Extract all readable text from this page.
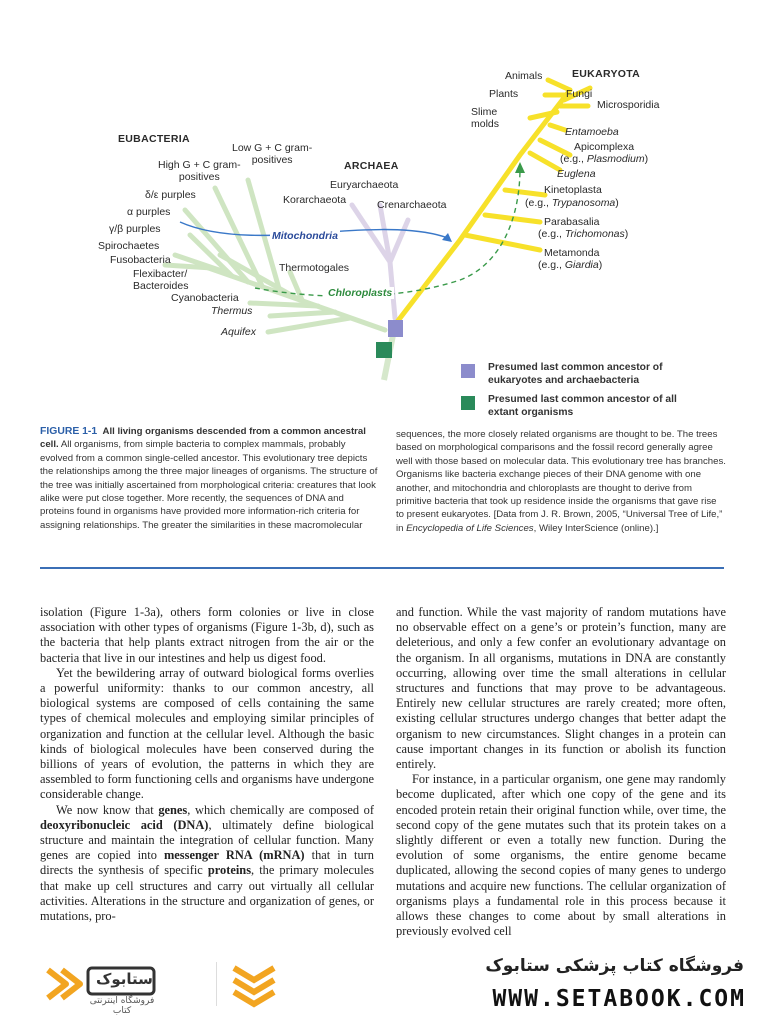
EUBACTERIA
ARCHAEA
EUKARYOTA
Low G + C gram-
positives
High G + C gram-
positives
δ/ε purples
α purples
γ/β purples
Spirochaetes
Fusobacteria
Flexibacter/
Bacteroides
Cyanobacteria
Thermus
Aquifex
Thermotogales
Euryarchaeota
Korarchaeota	Crenarchaeota
Animals
Plants	Fungi
Microsporidia
Slime
molds
Entamoeba
Apicomplexa
(e.g., Plasmodium)
Euglena
Kinetoplasta
(e.g., Trypanosoma)
Parabasalia
(e.g., Trichomonas)
Metamonda
(e.g., Giardia)
Mitochondria
Chloroplasts
Presumed last common ancestor of eukaryotes and archaebacteria
Presumed last common ancestor of all extant organisms
FIGURE 1-1 All living organisms descended from a common ancestral cell. All organisms, from simple bacteria to complex mammals, probably evolved from a common single-celled ancestor. This evolutionary tree depicts the relationships among the three major lineages of organisms. The structure of the tree was initially ascertained from morphological criteria: creatures that look alike were put close together. More recently, the sequences of DNA and proteins found in organisms have provided more information-rich criteria for assigning relationships. The greater the similarities in these macromolecular
sequences, the more closely related organisms are thought to be. The trees based on morphological comparisons and the fossil record generally agree well with those based on molecular data. This evolutionary tree has branches. Organisms like bacteria exchange pieces of their DNA genome with one another, and mitochondria and chloroplasts are thought to derive from primitive bacteria that took up residence inside the organisms that gave rise to present eukaryotes. [Data from J. R. Brown, 2005, “Universal Tree of Life,” in Encyclopedia of Life Sciences, Wiley InterScience (online).]

isolation (Figure 1-3a), others form colonies or live in close association with other types of organisms (Figure 1-3b, d), such as the bacteria that help plants extract nitrogen from the air or the bacteria that live in our intestines and help us digest food.

Yet the bewildering array of outward biological forms overlies a powerful uniformity: thanks to our common ancestry, all biological systems are composed of cells containing the same types of chemical molecules and employing similar principles of organization and function at the cellular level. Although the basic kinds of biological molecules have been conserved during the billions of years of evolution, the patterns in which they are assembled to form functioning cells and organisms have undergone considerable change.

We now know that genes, which chemically are composed of deoxyribonucleic acid (DNA), ultimately define biological structure and maintain the integration of cellular function. Many genes are copied into messenger RNA (mRNA) that in turn directs the synthesis of specific proteins, the primary molecules that make up cell structures and carry out virtually all cellular activities. Alterations in the structure and organization of genes, or mutations, pro-

and function. While the vast majority of random mutations have no observable effect on a gene’s or protein’s function, many are deleterious, and only a few confer an evolutionary advantage on the organism. In all organisms, mutations in DNA are constantly occurring, allowing over time the small alterations in cellular structures and functions that may prove to be advantageous. Entirely new cellular structures are rarely created; more often, existing cellular structures undergo changes that better adapt the organism to new circumstances. Slight changes in a protein can cause important changes in its function or abolish its function entirely.

For instance, in a particular organism, one gene may randomly become duplicated, after which one copy of the gene and its encoded protein retain their original function while, over time, the second copy of the gene mutates such that its protein takes on a slightly different or even a totally new function. During the evolution of some organisms, the entire genome became duplicated, allowing the second copies of many genes to undergo mutations and acquire new functions. The cellular organization of organisms plays a fundamental role in this process because it allows these changes to come about by small alterations in previously evolved cell

ستابوک
فروشگاه اینترنتی کتاب
فروشگاه کتاب پزشکی ستابوک
WWW.SETABOOK.COM
